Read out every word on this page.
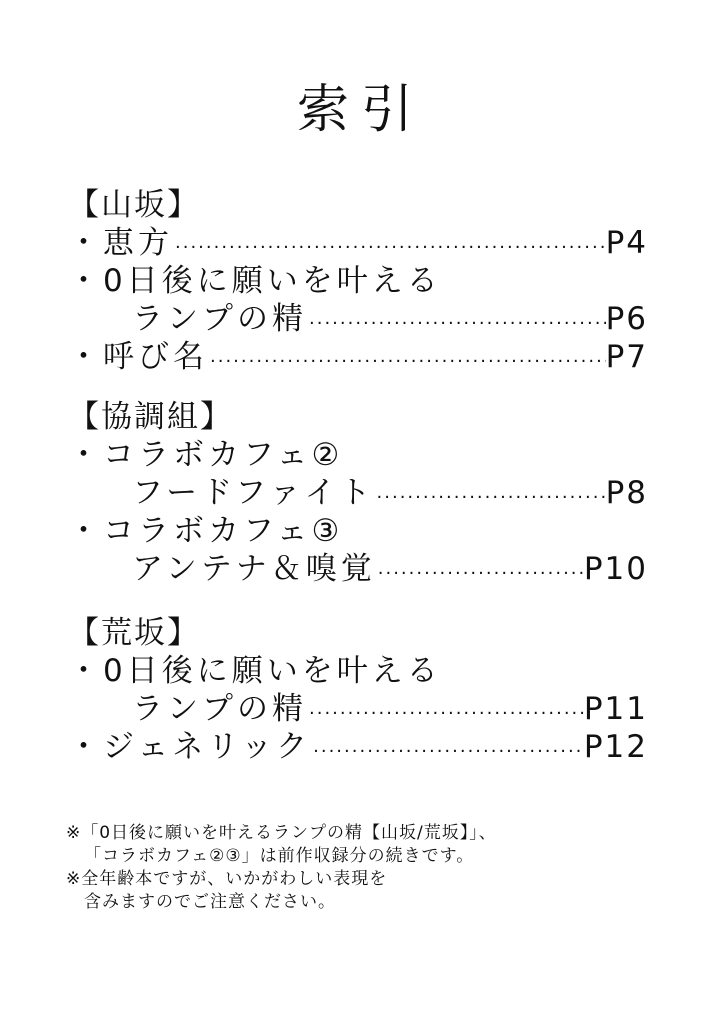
索引
【山坂】
・恵方 ·····	P4
・0日後に願いを叶える
ランプの精 ·····	P6
・呼び名 ·····	P7
【協調組】
・コラボカフェ②
フードファイト ·····	P8
・コラボカフェ③
アンテナ＆嗅覚 ·····	P10
【荒坂】
・0日後に願いを叶える
ランプの精 ·····	P11
・ジェネリック ·····	P12
※「0日後に願いを叶えるランプの精【山坂/荒坂】」、
「コラボカフェ②③」は前作収録分の続きです。
※全年齢本ですが、いかがわしい表現を
含みますのでご注意ください。
